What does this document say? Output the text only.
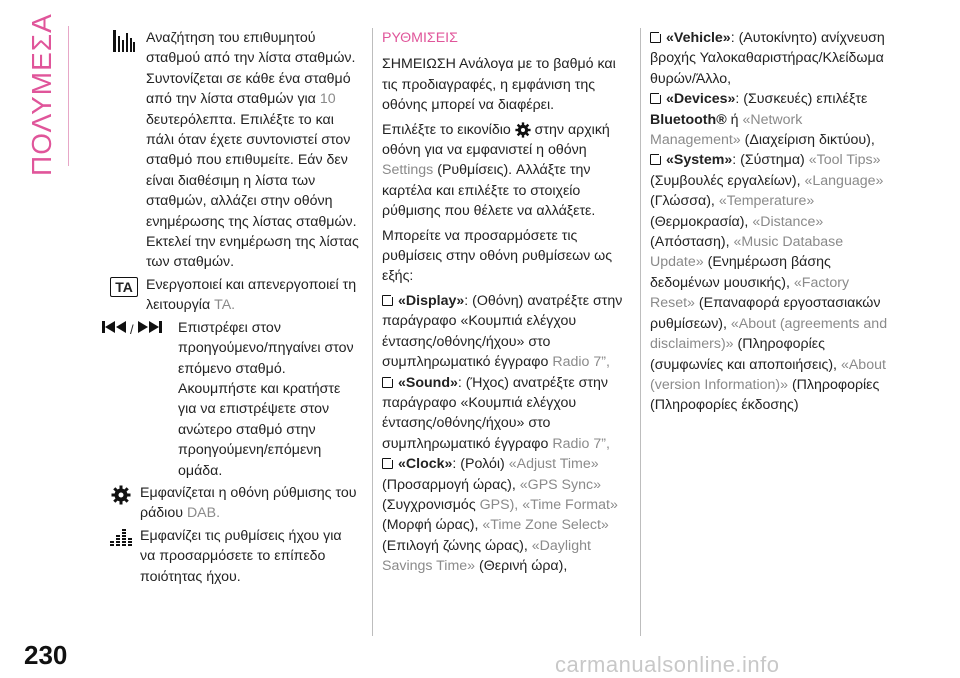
ΠΟΛΥΜΕΣΑ	Αναζήτηση του επιθυμητού σταθμού από την λίστα σταθμών. Συντονίζεται σε κάθε ένα σταθμό από την λίστα σταθμών για 10 δευτερόλεπτα. Επιλέξτε το και πάλι όταν έχετε συντονιστεί στον σταθμό που επιθυμείτε. Εάν δεν είναι διαθέσιμη η λίστα των σταθμών, αλλάζει στην οθόνη ενημέρωσης της λίστας σταθμών. Εκτελεί την ενημέρωση της λίστας των σταθμών.
TA Ενεργοποιεί και απενεργοποιεί τη λειτουργία TA.
/	Επιστρέφει στον προηγούμενο/πηγαίνει στον επόμενο σταθμό. Ακουμπήστε και κρατήστε για να επιστρέψετε στον ανώτερο σταθμό στην προηγούμενη/επόμενη ομάδα.
Εμφανίζεται η οθόνη ρύθμισης του ράδιου DAB.
Εμφανίζει τις ρυθμίσεις ήχου για να προσαρμόσετε το επίπεδο ποιότητας ήχου.

ΡΥΘΜΙΣΕΙΣ

ΣΗΜΕΙΩΣΗ Ανάλογα με το βαθμό και τις προδιαγραφές, η εμφάνιση της οθόνης μπορεί να διαφέρει.

Επιλέξτε το εικονίδιο στην αρχική οθόνη για να εμφανιστεί η οθόνη Settings (Ρυθμίσεις). Αλλάξτε την καρτέλα και επιλέξτε το στοιχείο ρύθμισης που θέλετε να αλλάξετε.

Μπορείτε να προσαρμόσετε τις ρυθμίσεις στην οθόνη ρυθμίσεων ως εξής:

«Display»: (Οθόνη) ανατρέξτε στην παράγραφο «Κουμπιά ελέγχου έντασης/οθόνης/ήχου» στο συμπληρωματικό έγγραφο Radio 7”,

«Sound»: (Ήχος) ανατρέξτε στην παράγραφο «Κουμπιά ελέγχου έντασης/οθόνης/ήχου» στο συμπληρωματικό έγγραφο Radio 7”,

«Clock»: (Ρολόι) «Adjust Time» (Προσαρμογή ώρας), «GPS Sync» (Συγχρονισμός GPS), «Time Format» (Μορφή ώρας), «Time Zone Select» (Επιλογή ζώνης ώρας), «Daylight Savings Time» (Θερινή ώρα),

«Vehicle»: (Αυτοκίνητο) ανίχνευση βροχής Υαλοκαθαριστήρας/Κλείδωμα θυρών/Άλλο,

«Devices»: (Συσκευές) επιλέξτε Bluetooth® ή «Network Management» (Διαχείριση δικτύου),

«System»: (Σύστημα) «Tool Tips» (Συμβουλές εργαλείων), «Language» (Γλώσσα), «Temperature» (Θερμοκρασία), «Distance» (Απόσταση), «Music Database Update» (Ενημέρωση βάσης δεδομένων μουσικής), «Factory Reset» (Επαναφορά εργοστασιακών ρυθμίσεων), «About (agreements and disclaimers)» (Πληροφορίες (συμφωνίες και αποποιήσεις), «About (version Information)» (Πληροφορίες (Πληροφορίες έκδοσης)

230	carmanualsonline.info
